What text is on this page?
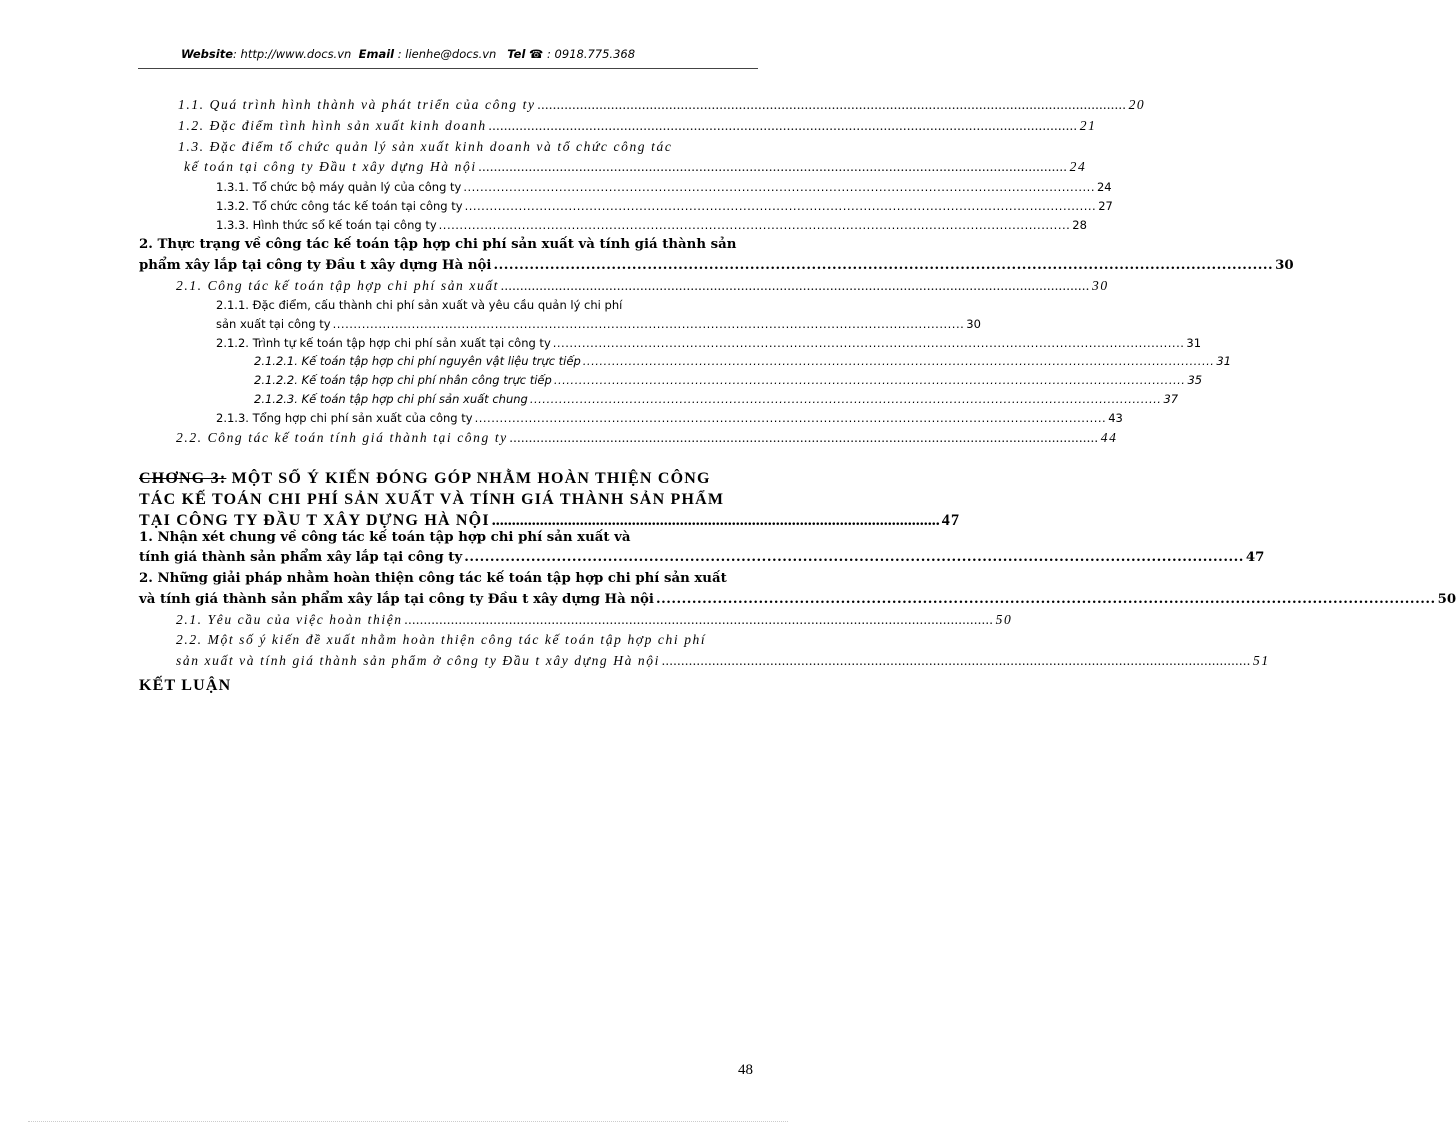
Website: http://www.docs.vn Email : lienhe@docs.vn Tel ☎ : 0918.775.368
1.1. Quá trình hình thành và phát triển của công ty ........................................................................................................................................................ 20
1.2. Đặc điểm tình hình sản xuất kinh doanh ........................................................................................................................................................ 21
1.3. Đặc điểm tổ chức quản lý sản xuất kinh doanh và tổ chức công tác
kế toán tại công ty Đầu t xây dựng Hà nội ........................................................................................................................................................ 24
1.3.1. Tổ chức bộ máy quản lý của công ty ........................................................................................................................................................ 24
1.3.2. Tổ chức công tác kế toán tại công ty ........................................................................................................................................................ 27
1.3.3. Hình thức sổ kế toán tại công ty ........................................................................................................................................................ 28
2. Thực trạng về công tác kế toán tập hợp chi phí sản xuất và tính giá thành sản
phẩm xây lắp tại công ty Đầu t xây dựng Hà nội ........................................................................................................................................................ 30
2.1. Công tác kế toán tập hợp chi phí sản xuất ........................................................................................................................................................ 30
2.1.1. Đặc điểm, cấu thành chi phí sản xuất và yêu cầu quản lý chi phí
sản xuất tại công ty ........................................................................................................................................................ 30
2.1.2. Trình tự kế toán tập hợp chi phí sản xuất tại công ty ........................................................................................................................................................ 31
2.1.2.1. Kế toán tập hợp chi phí nguyên vật liệu trực tiếp ........................................................................................................................................................ 31
2.1.2.2. Kế toán tập hợp chi phí nhân công trực tiếp ........................................................................................................................................................ 35
2.1.2.3. Kế toán tập hợp chi phí sản xuất chung ........................................................................................................................................................ 37
2.1.3. Tổng hợp chi phí sản xuất của công ty ........................................................................................................................................................ 43
2.2. Công tác kế toán tính giá thành tại công ty ........................................................................................................................................................ 44
CHƠNG 3: MỘT SỐ Ý KIẾN ĐÓNG GÓP NHẰM HOÀN THIỆN CÔNG
TÁC KẾ TOÁN CHI PHÍ SẢN XUẤT VÀ TÍNH GIÁ THÀNH SẢN PHẨM
TẠI CÔNG TY ĐẦU T XÂY DỰNG HÀ NỘI ................................................................................................................ 47
1. Nhận xét chung về công tác kế toán tập hợp chi phí sản xuất và
tính giá thành sản phẩm xây lắp tại công ty ........................................................................................................................................................ 47
2. Những giải pháp nhằm hoàn thiện công tác kế toán tập hợp chi phí sản xuất
và tính giá thành sản phẩm xây lắp tại công ty Đầu t xây dựng Hà nội ........................................................................................................................................................ 50
2.1. Yêu cầu của việc hoàn thiện ........................................................................................................................................................ 50
2.2. Một số ý kiến đề xuất nhằm hoàn thiện công tác kế toán tập hợp chi phí
sản xuất và tính giá thành sản phẩm ở công ty Đầu t xây dựng Hà nội ........................................................................................................................................................ 51
KẾT LUẬN
48
